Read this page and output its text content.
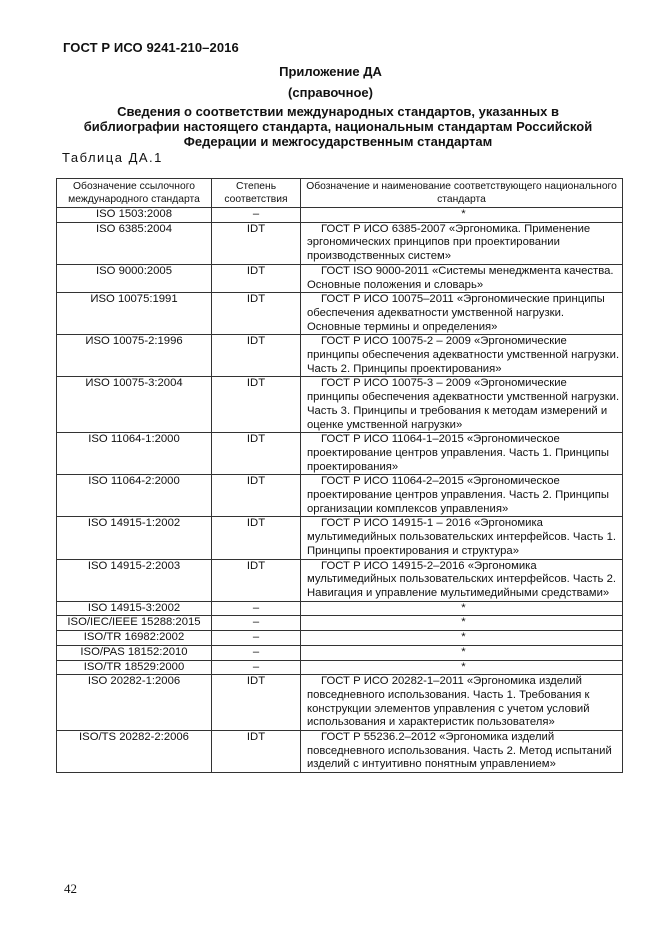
ГОСТ Р ИСО 9241-210–2016
Приложение ДА
(справочное)
Сведения о соответствии международных стандартов, указанных в библиографии настоящего стандарта, национальным стандартам Российской Федерации и межгосударственным стандартам
Таблица ДА.1
Обозначение ссылочного международного стандарта	Степень соответствия	Обозначение и наименование соответствующего национального стандарта
ISO 1503:2008	–	*
ISO 6385:2004	IDT	ГОСТ Р ИСО 6385-2007 «Эргономика. Применение эргономических принципов при проектировании производственных систем»
ISO 9000:2005	IDT	ГОСТ ISO 9000-2011 «Системы менеджмента качества. Основные положения и словарь»
ИSO 10075:1991	IDT	ГОСТ Р ИСО 10075–2011 «Эргономические принципы обеспечения адекватности умственной нагрузки. Основные термины и определения»
ИSO 10075-2:1996	IDT	ГОСТ Р ИСО 10075-2 – 2009 «Эргономические принципы обеспечения адекватности умственной нагрузки. Часть 2. Принципы проектирования»
ИSO 10075-3:2004	IDT	ГОСТ Р ИСО 10075-3 – 2009 «Эргономические принципы обеспечения адекватности умственной нагрузки. Часть 3. Принципы и требования к методам измерений и оценке умственной нагрузки»
ISO 11064-1:2000	IDT	ГОСТ Р ИСО 11064-1–2015 «Эргономическое проектирование центров управления. Часть 1. Принципы проектирования»
ISO 11064-2:2000	IDT	ГОСТ Р ИСО 11064-2–2015 «Эргономическое проектирование центров управления. Часть 2. Принципы организации комплексов управления»
ISO 14915-1:2002	IDT	ГОСТ Р ИСО 14915-1 – 2016 «Эргономика мультимедийных пользовательских интерфейсов. Часть 1. Принципы проектирования и структура»
ISO 14915-2:2003	IDT	ГОСТ Р ИСО 14915-2–2016 «Эргономика мультимедийных пользовательских интерфейсов. Часть 2. Навигация и управление мультимедийными средствами»
ISO 14915-3:2002	–	*
ISO/IEC/IEEE 15288:2015	–	*
ISO/TR 16982:2002	–	*
ISO/PAS 18152:2010	–	*
ISO/TR 18529:2000	–	*
ISO 20282-1:2006	IDT	ГОСТ Р ИСО 20282-1–2011 «Эргономика изделий повседневного использования. Часть 1. Требования к конструкции элементов управления с учетом условий использования и характеристик пользователя»
ISO/TS 20282-2:2006	IDT	ГОСТ Р 55236.2–2012 «Эргономика изделий повседневного использования. Часть 2. Метод испытаний изделий с интуитивно понятным управлением»
42
